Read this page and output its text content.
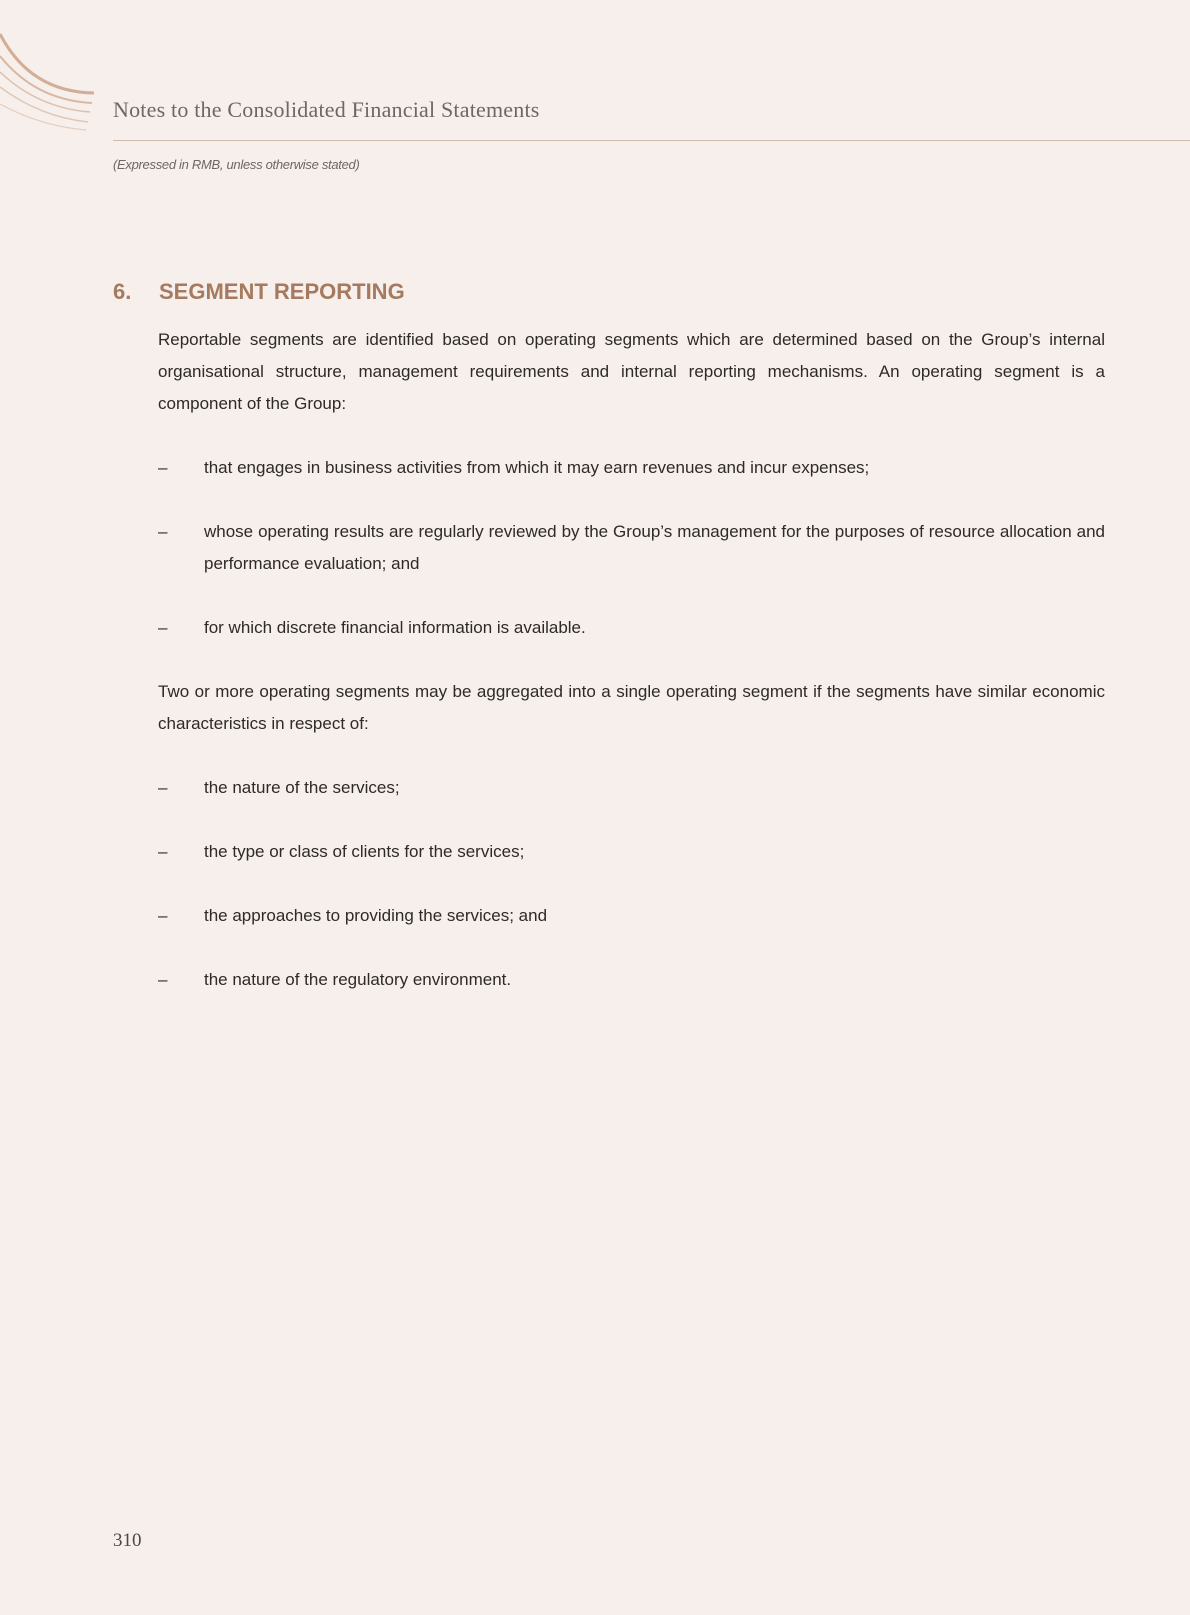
Notes to the Consolidated Financial Statements
(Expressed in RMB, unless otherwise stated)
6.	SEGMENT REPORTING

Reportable segments are identified based on operating segments which are determined based on the Group’s internal organisational structure, management requirements and internal reporting mechanisms. An operating segment is a component of the Group:

–	that engages in business activities from which it may earn revenues and incur expenses;
–	whose operating results are regularly reviewed by the Group’s management for the purposes of resource allocation and performance evaluation; and
–	for which discrete financial information is available.

Two or more operating segments may be aggregated into a single operating segment if the segments have similar economic characteristics in respect of:

–	the nature of the services;
–	the type or class of clients for the services;
–	the approaches to providing the services; and
–	the nature of the regulatory environment.
310
